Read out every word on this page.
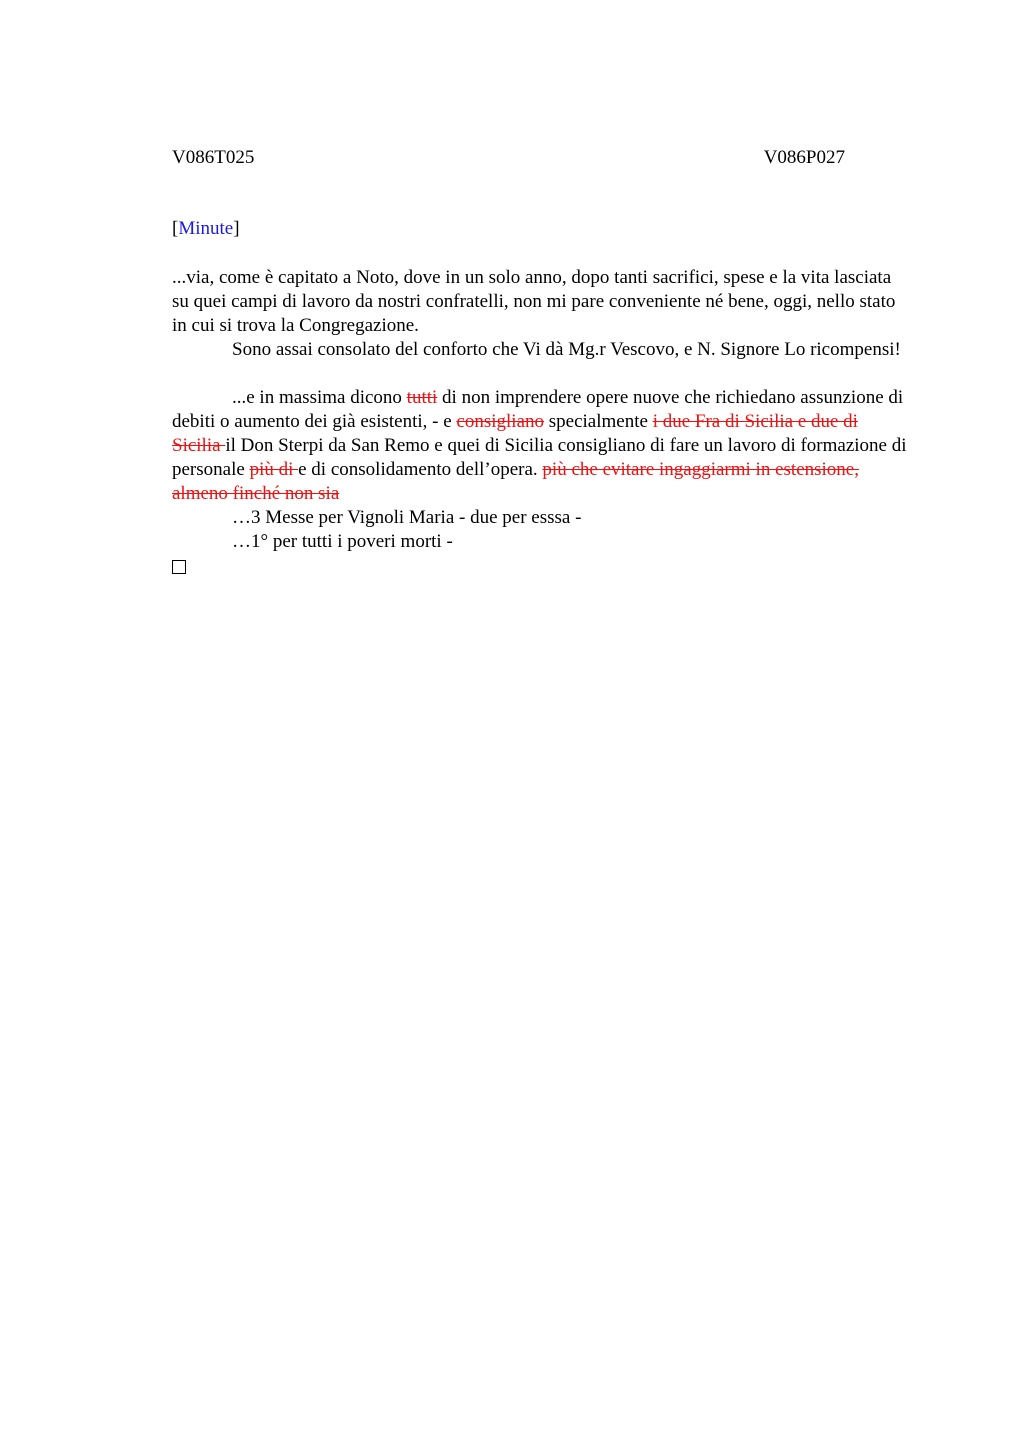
V086T025	V086P027
[Minute]

...via, come è capitato a Noto, dove in un solo anno, dopo tanti sacrifici, spese e la vita lasciata su quei campi di lavoro da nostri confratelli, non mi pare conveniente né bene, oggi, nello stato in cui si trova la Congregazione.

Sono assai consolato del conforto che Vi dà Mg.r Vescovo, e N. Signore Lo ricompensi!

...e in massima dicono tutti di non imprendere opere nuove che richiedano assunzione di debiti o aumento dei già esistenti, - e consigliano specialmente i due Fra di Sicilia e due di Sicilia il Don Sterpi da San Remo e quei di Sicilia consigliano di fare un lavoro di formazione di personale più di e di consolidamento dell’opera. più che evitare ingaggiarmi in estensione, almeno finché non sia

…3 Messe per Vignoli Maria - due per esssa -

…1° per tutti i poveri morti -
